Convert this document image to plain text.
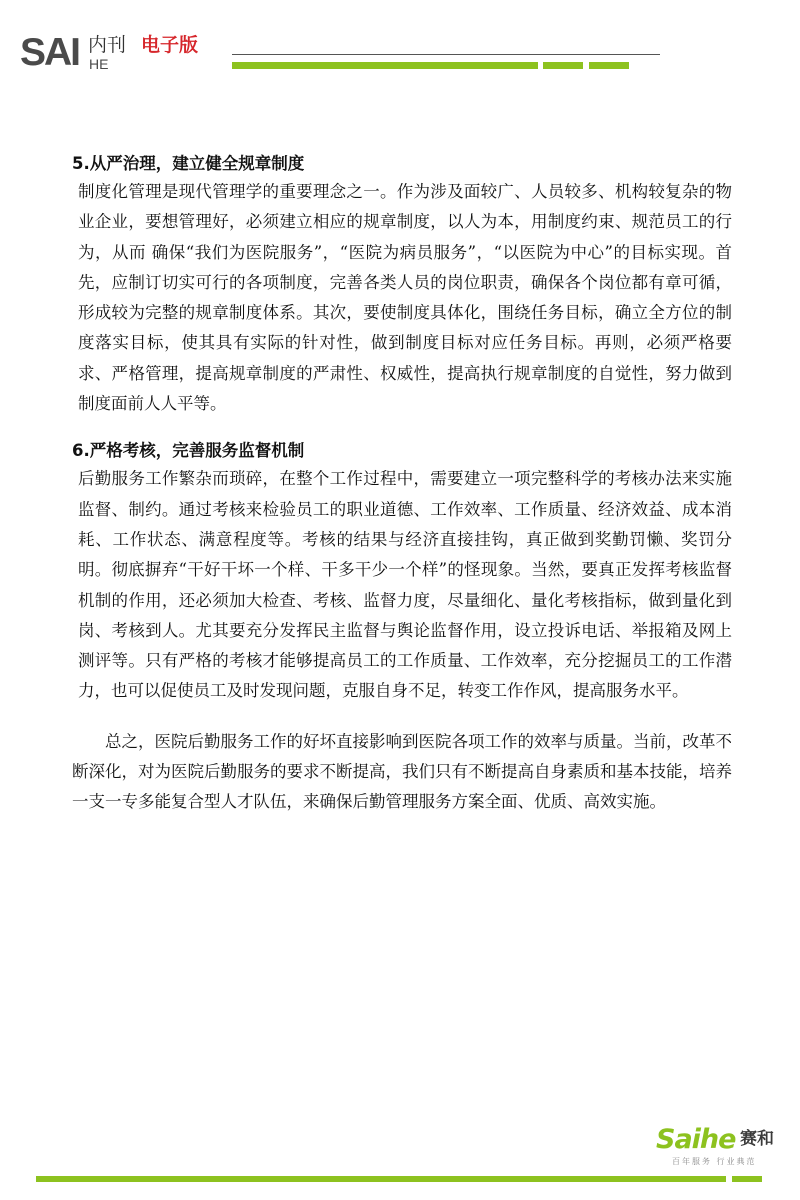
SAI 内刊
HE
电子版
5.从严治理，建立健全规章制度

制度化管理是现代管理学的重要理念之一。作为涉及面较广、人员较多、机构较复杂的物业企业，要想管理好，必须建立相应的规章制度，以人为本，用制度约束、规范员工的行为，从而 确保“我们为医院服务”，“医院为病员服务”，“以医院为中心”的目标实现。首先，应制订切实可行的各项制度，完善各类人员的岗位职责，确保各个岗位都有章可循，形成较为完整的规章制度体系。其次，要使制度具体化，围绕任务目标，确立全方位的制度落实目标，使其具有实际的针对性，做到制度目标对应任务目标。再则，必须严格要求、严格管理，提高规章制度的严肃性、权威性，提高执行规章制度的自觉性，努力做到制度面前人人平等。

6.严格考核，完善服务监督机制

后勤服务工作繁杂而琐碎，在整个工作过程中，需要建立一项完整科学的考核办法来实施监督、制约。通过考核来检验员工的职业道德、工作效率、工作质量、经济效益、成本消耗、工作状态、满意程度等。考核的结果与经济直接挂钩，真正做到奖勤罚懒、奖罚分明。彻底摒弃“干好干坏一个样、干多干少一个样”的怪现象。当然，要真正发挥考核监督机制的作用，还必须加大检查、考核、监督力度，尽量细化、量化考核指标，做到量化到岗、考核到人。尤其要充分发挥民主监督与舆论监督作用，设立投诉电话、举报箱及网上测评等。只有严格的考核才能够提高员工的工作质量、工作效率，充分挖掘员工的工作潜力，也可以促使员工及时发现问题，克服自身不足，转变工作作风，提高服务水平。

总之，医院后勤服务工作的好坏直接影响到医院各项工作的效率与质量。当前，改革不断深化，对为医院后勤服务的要求不断提高，我们只有不断提高自身素质和基本技能，培养一支一专多能复合型人才队伍，来确保后勤管理服务方案全面、优质、高效实施。

Saihe 赛和
百年服务 行业典范
